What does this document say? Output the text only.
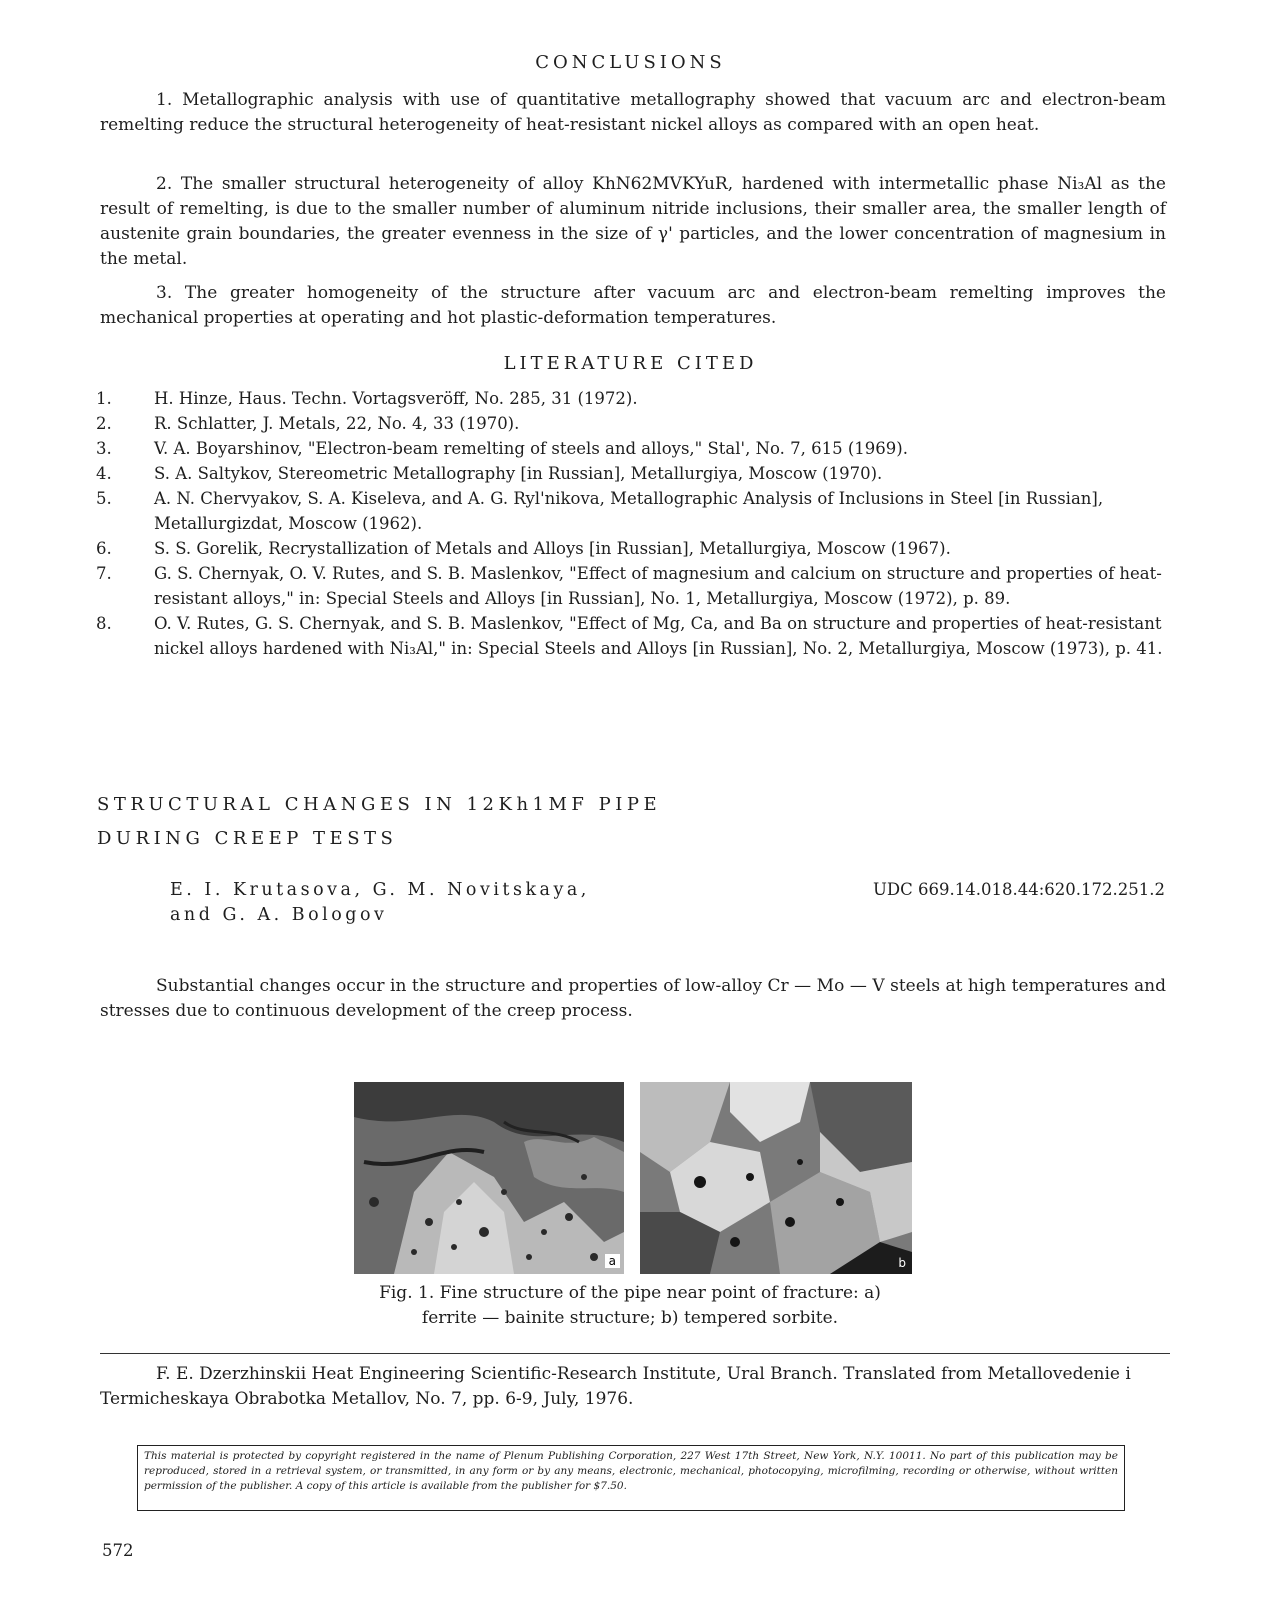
CONCLUSIONS

1. Metallographic analysis with use of quantitative metallography showed that vacuum arc and electron-beam remelting reduce the structural heterogeneity of heat-resistant nickel alloys as compared with an open heat.

2. The smaller structural heterogeneity of alloy KhN62MVKYuR, hardened with intermetallic phase Ni₃Al as the result of remelting, is due to the smaller number of aluminum nitride inclusions, their smaller area, the smaller length of austenite grain boundaries, the greater evenness in the size of γ' particles, and the lower concentration of magnesium in the metal.

3. The greater homogeneity of the structure after vacuum arc and electron-beam remelting improves the mechanical properties at operating and hot plastic-deformation temperatures.

LITERATURE CITED
1.	H. Hinze, Haus. Techn. Vortagsveröff, No. 285, 31 (1972).
2.	R. Schlatter, J. Metals, 22, No. 4, 33 (1970).
3.	V. A. Boyarshinov, "Electron-beam remelting of steels and alloys," Stal', No. 7, 615 (1969).
4.	S. A. Saltykov, Stereometric Metallography [in Russian], Metallurgiya, Moscow (1970).
5.	A. N. Chervyakov, S. A. Kiseleva, and A. G. Ryl'nikova, Metallographic Analysis of Inclusions in Steel [in Russian], Metallurgizdat, Moscow (1962).
6.	S. S. Gorelik, Recrystallization of Metals and Alloys [in Russian], Metallurgiya, Moscow (1967).
7.	G. S. Chernyak, O. V. Rutes, and S. B. Maslenkov, "Effect of magnesium and calcium on structure and properties of heat-resistant alloys," in: Special Steels and Alloys [in Russian], No. 1, Metallurgiya, Moscow (1972), p. 89.
8.	O. V. Rutes, G. S. Chernyak, and S. B. Maslenkov, "Effect of Mg, Ca, and Ba on structure and properties of heat-resistant nickel alloys hardened with Ni₃Al," in: Special Steels and Alloys [in Russian], No. 2, Metallurgiya, Moscow (1973), p. 41.
STRUCTURAL CHANGES IN 12Kh1MF PIPE
DURING CREEP TESTS
E. I. Krutasova, G. M. Novitskaya,
and G. A. Bologov
UDC 669.14.018.44:620.172.251.2

Substantial changes occur in the structure and properties of low-alloy Cr — Mo — V steels at high temperatures and stresses due to continuous development of the creep process.

a	b
Fig. 1. Fine structure of the pipe near point of fracture: a)
ferrite — bainite structure; b) tempered sorbite.

F. E. Dzerzhinskii Heat Engineering Scientific-Research Institute, Ural Branch. Translated from Metallovedenie i Termicheskaya Obrabotka Metallov, No. 7, pp. 6-9, July, 1976.

This material is protected by copyright registered in the name of Plenum Publishing Corporation, 227 West 17th Street, New York, N.Y. 10011. No part of this publication may be reproduced, stored in a retrieval system, or transmitted, in any form or by any means, electronic, mechanical, photocopying, microfilming, recording or otherwise, without written permission of the publisher. A copy of this article is available from the publisher for $7.50.
572
